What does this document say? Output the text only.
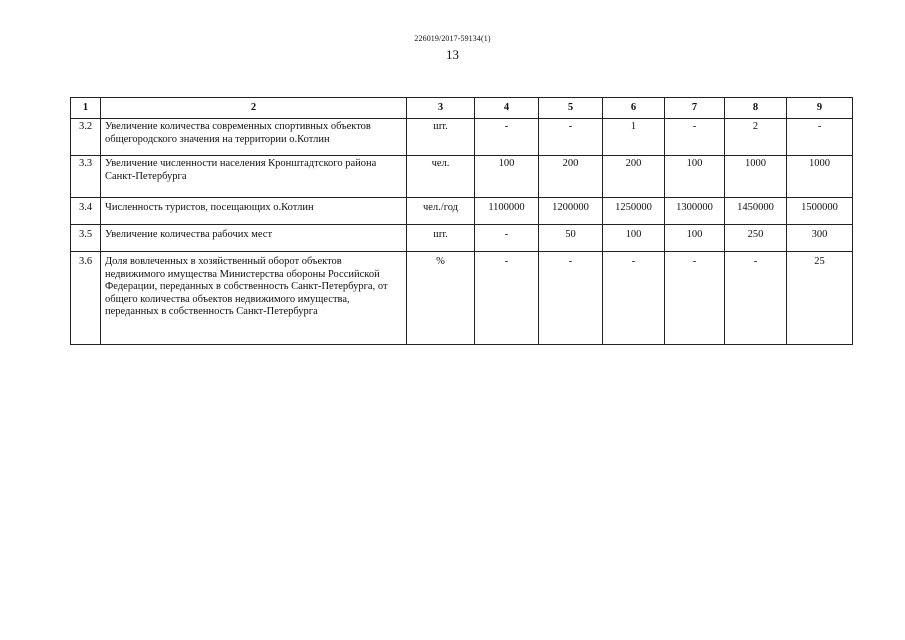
226019/2017-59134(1)
13
1	2	3	4	5	6	7	8	9
3.2	Увеличение количества современных спортивных объектов общегородского значения на территории о.Котлин	шт.	-	-	1	-	2	-
3.3	Увеличение численности населения Кронштадтского района Санкт-Петербурга	чел.	100	200	200	100	1000	1000
3.4	Численность туристов, посещающих о.Котлин	чел./год	1100000	1200000	1250000	1300000	1450000	1500000
3.5	Увеличение количества рабочих мест	шт.	-	50	100	100	250	300
3.6	Доля вовлеченных в хозяйственный оборот объектов недвижимого имущества Министерства обороны Российской Федерации, переданных в собственность Санкт-Петербурга, от общего количества объектов недвижимого имущества, переданных в собственность Санкт-Петербурга	%	-	-	-	-	-	25
